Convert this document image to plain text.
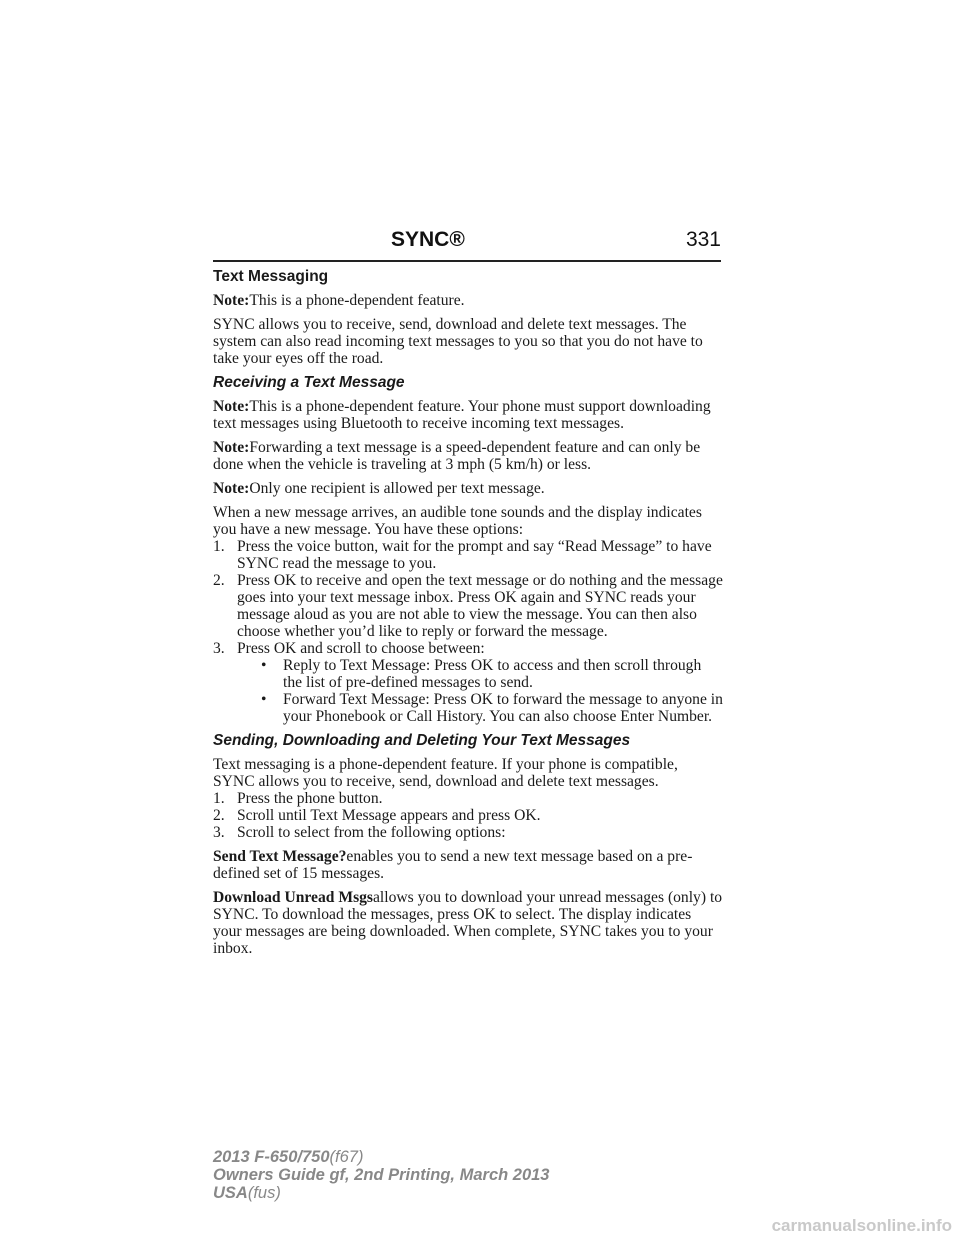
SYNC®	331

Text Messaging

Note:This is a phone-dependent feature.

SYNC allows you to receive, send, download and delete text messages. The system can also read incoming text messages to you so that you do not have to take your eyes off the road.

Receiving a Text Message

Note:This is a phone-dependent feature. Your phone must support downloading text messages using Bluetooth to receive incoming text messages.

Note:Forwarding a text message is a speed-dependent feature and can only be done when the vehicle is traveling at 3 mph (5 km/h) or less.

Note:Only one recipient is allowed per text message.

When a new message arrives, an audible tone sounds and the display indicates you have a new message. You have these options:

1. Press the voice button, wait for the prompt and say “Read Message” to have SYNC read the message to you.
2. Press OK to receive and open the text message or do nothing and the message goes into your text message inbox. Press OK again and SYNC reads your message aloud as you are not able to view the message. You can then also choose whether you’d like to reply or forward the message.
3. Press OK and scroll to choose between:
• Reply to Text Message: Press OK to access and then scroll through the list of pre-defined messages to send.
• Forward Text Message: Press OK to forward the message to anyone in your Phonebook or Call History. You can also choose Enter Number.

Sending, Downloading and Deleting Your Text Messages

Text messaging is a phone-dependent feature. If your phone is compatible, SYNC allows you to receive, send, download and delete text messages.

1. Press the phone button.
2. Scroll until Text Message appears and press OK.
3. Scroll to select from the following options:

Send Text Message?enables you to send a new text message based on a pre-defined set of 15 messages.

Download Unread Msgsallows you to download your unread messages (only) to SYNC. To download the messages, press OK to select. The display indicates your messages are being downloaded. When complete, SYNC takes you to your inbox.

2013 F-650/750(f67)
Owners Guide gf, 2nd Printing, March 2013
USA(fus)
carmanualsonline.info
